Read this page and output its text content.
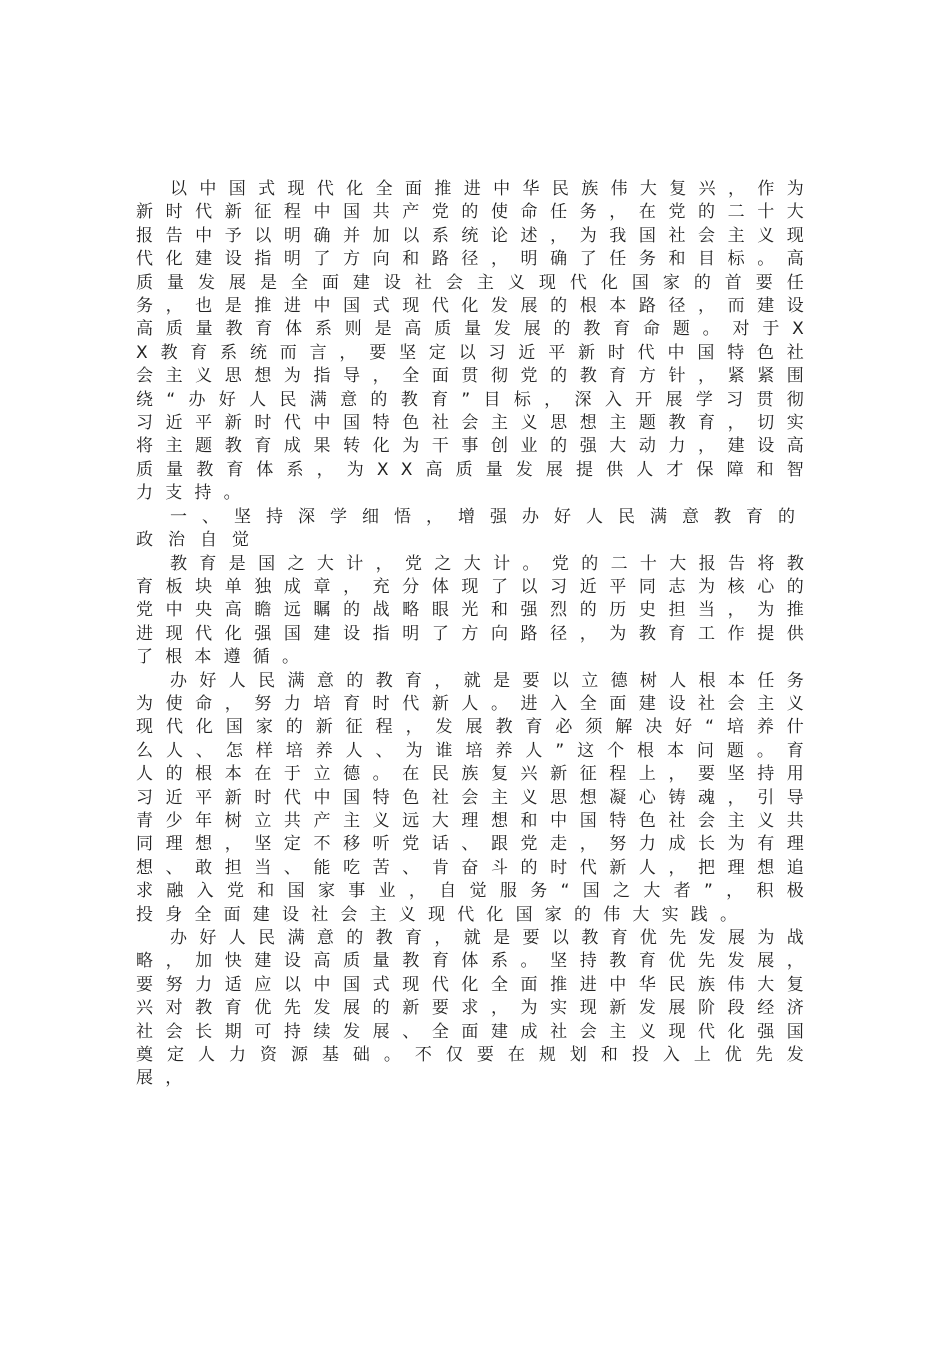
以中国式现代化全面推进中华民族伟大复兴，作为新时代新征程中国共产党的使命任务，在党的二十大报告中予以明确并加以系统论述，为我国社会主义现代化建设指明了方向和路径，明确了任务和目标。高质量发展是全面建设社会主义现代化国家的首要任务，也是推进中国式现代化发展的根本路径，而建设高质量教育体系则是高质量发展的教育命题。对于XX教育系统而言，要坚定以习近平新时代中国特色社会主义思想为指导，全面贯彻党的教育方针，紧紧围绕“办好人民满意的教育”目标，深入开展学习贯彻习近平新时代中国特色社会主义思想主题教育，切实将主题教育成果转化为干事创业的强大动力，建设高质量教育体系，为XX高质量发展提供人才保障和智力支持。

一、坚持深学细悟，增强办好人民满意教育的政治自觉

教育是国之大计，党之大计。党的二十大报告将教育板块单独成章，充分体现了以习近平同志为核心的党中央高瞻远瞩的战略眼光和强烈的历史担当，为推进现代化强国建设指明了方向路径，为教育工作提供了根本遵循。

办好人民满意的教育，就是要以立德树人根本任务为使命，努力培育时代新人。进入全面建设社会主义现代化国家的新征程，发展教育必须解决好“培养什么人、怎样培养人、为谁培养人”这个根本问题。育人的根本在于立德。在民族复兴新征程上，要坚持用习近平新时代中国特色社会主义思想凝心铸魂，引导青少年树立共产主义远大理想和中国特色社会主义共同理想，坚定不移听党话、跟党走，努力成长为有理想、敢担当、能吃苦、肯奋斗的时代新人，把理想追求融入党和国家事业，自觉服务“国之大者”，积极投身全面建设社会主义现代化国家的伟大实践。

办好人民满意的教育，就是要以教育优先发展为战略，加快建设高质量教育体系。坚持教育优先发展，要努力适应以中国式现代化全面推进中华民族伟大复兴对教育优先发展的新要求，为实现新发展阶段经济社会长期可持续发展、全面建成社会主义现代化强国奠定人力资源基础。不仅要在规划和投入上优先发展，
